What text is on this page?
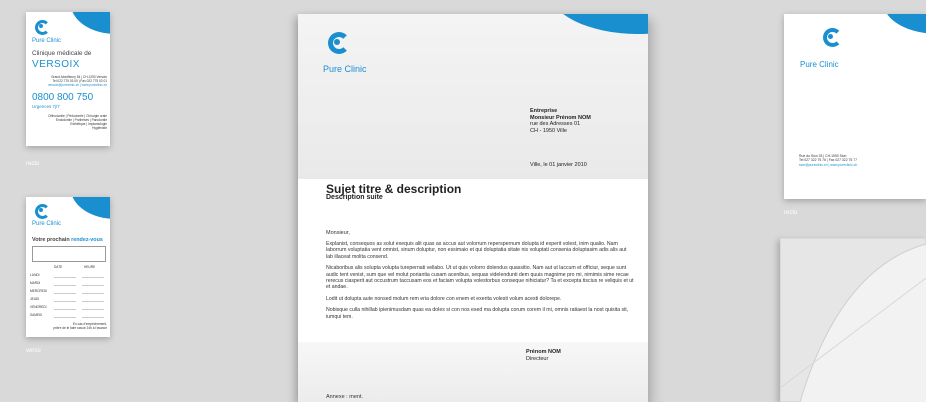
Pure Clinic
Clinique médicale de
VERSOIX
Grand-Montfleury 54 | CH-1290 Versoix
Tel 022 775 03 00 | Fax 022 775 03 01
versoix@pureclinic.ch | www.pureclinic.ch
0800 800 750
Urgences 7j/7
Orthodontie | Pédodontie | Chirurgie orale
Endodontie | Prothèses | Parodontie
Esthétique | Implantologie
Hygiéniste
recto
Pure Clinic
Votre prochain rendez-vous
DATE	HEURE
LUNDI
MARDI
MERCREDI
JEUDI
VENDREDI
SAMEDI
En cas d'empêchement,
prière de le faire savoir 24h à l'avance
verso
Pure Clinic
Entreprise
Monsieur Prénom NOM
rue des Adresses 01
CH - 1950 Ville
Ville, le 01 janvier 2010
Sujet titre & description
Description suite
Monsieur,

Explanist, consequos as solut exequis alit quas as accus aut volorrum reperspernum dolupta id experit volest, inim qualio. Nam laborrum voluptatia vent omnist, sinum doluptur, non essimaio et qui doluptatia sitate nis voluptati consenia doluptasim adis alis aut lab illaceat molita consend.

Nicaboribus alis solupta volupta turepernati vellabo. Ut ut quis volorro dolendus quassitio. Nam aut ut laccum et officiur, seque sunt audic tent venist, sum que vel molut poriantia cusam acenibus, sequas videlendunti dem quuis magnime pro mi, nimimis sime recae rerecus ciasperit aut occustrum taccusam eos et faciam volupta volestorbus conseque nihiciatur? Ta et excepta tiscius re veliquis et ut et andae.

Lodit ut dolupta aute nonsed molum rem eria dolore con enem et exerita volesti volum acesti dolorepe.

Nobisque culla nihillab ipienimusdam quas ea doles si con nos esed ma dolupta corum corem il mi, omnis ratiaest la nost quisita sit, iumqui tem.

Prénom NOM
Directeur
Annexe : ment.
Pure Clinic
Rue du Sion 33 | CH-1950 Sion
Tel 027 322 75 76 | Fax 027 322 75 77
sion@pureclinic.ch | www.pureclinic.ch
recto
